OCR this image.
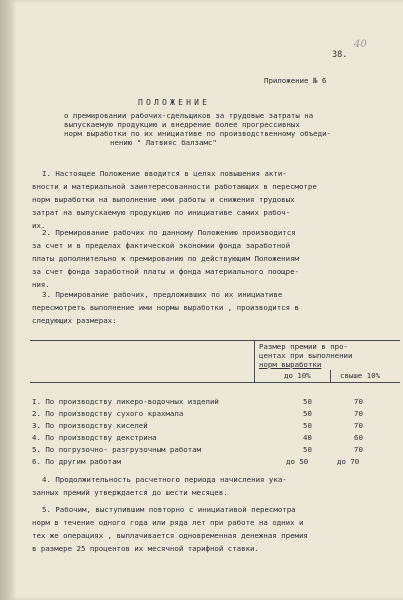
38.
40
Приложение № 6
ПОЛОЖЕНИЕ
о премировании рабочих-сдельщиков за трудовые затраты на
выпускаемую продукцию и внедрение более прогрессивных
норм выработки по их инициативе по производственному объеди-
нению " Латвияс балзамс"
I. Настоящее Положение вводится в целях повышения акти-
вности и материальной заинтересованности работающих в пересмотре
норм выработки на выполнение ими работы и снижения трудовых
затрат на выпускаемую продукцию по инициативе самих рабоч-
их.
2. Премирование рабочих по данному Положению производится
за счет и в пределах фактической экономии фонда заработной
платы дополнительно к премированию по действующим Положениям
за счет фонда заработной платы и фонда материального поощре-
ния.
3. Премирование рабочих, предложивших по их инициативе
пересмотреть выполнение ими нормы выработки , производится в
следующих размерах:
Размер премии в про-
центах при выполнении
норм выработки
до 10%	свыше 10%
I. По производству ликеро-водочных изделий	50	70
2. По производству сухого крахмала	50	70
3. По производству киселей	50	70
4. По производству декстрина	40	60
5. По погрузочно- разгрузочным работам	50	70
6. По другим работам	до 50	до 70
4. Продолжительность расчетного периода начисления ука-
занных премий утверждается до шести месяцев.
5. Рабочим, выступившим повторно с инициативой пересмотра
норм в течение одного года или ряда лет при работе на одних и
тех же операциях , выплачивается одновременная денежная премия
в размере 25 процентов их месячной тарифной ставки.
